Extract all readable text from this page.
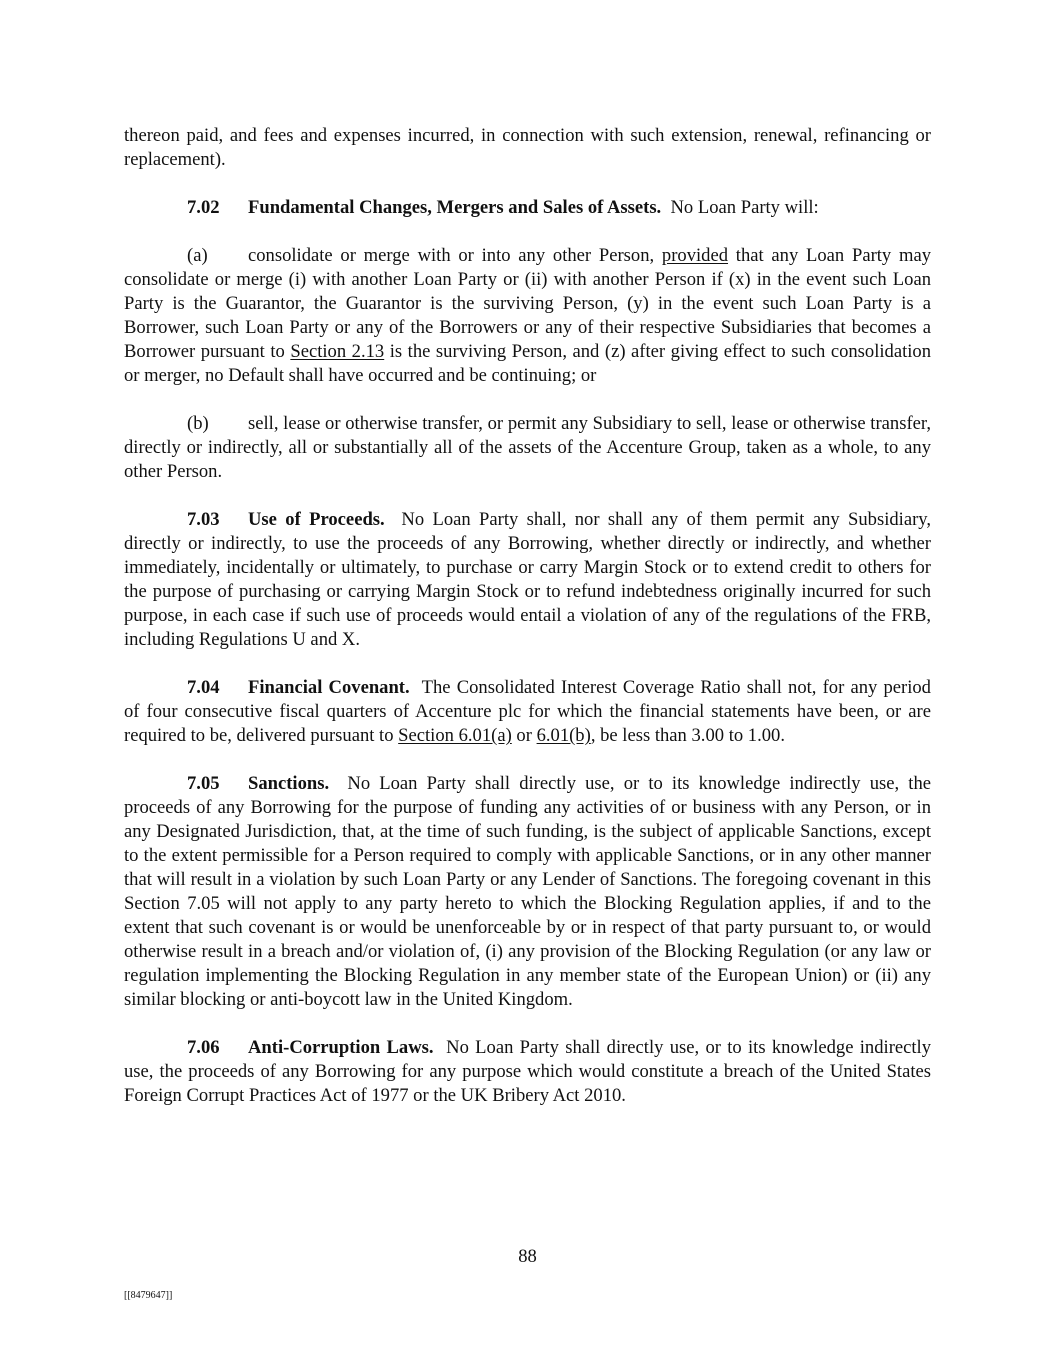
thereon paid, and fees and expenses incurred, in connection with such extension, renewal, refinancing or replacement).

7.02 Fundamental Changes, Mergers and Sales of Assets. No Loan Party will:

(a) consolidate or merge with or into any other Person, provided that any Loan Party may consolidate or merge (i) with another Loan Party or (ii) with another Person if (x) in the event such Loan Party is the Guarantor, the Guarantor is the surviving Person, (y) in the event such Loan Party is a Borrower, such Loan Party or any of the Borrowers or any of their respective Subsidiaries that becomes a Borrower pursuant to Section 2.13 is the surviving Person, and (z) after giving effect to such consolidation or merger, no Default shall have occurred and be continuing; or

(b) sell, lease or otherwise transfer, or permit any Subsidiary to sell, lease or otherwise transfer, directly or indirectly, all or substantially all of the assets of the Accenture Group, taken as a whole, to any other Person.

7.03 Use of Proceeds. No Loan Party shall, nor shall any of them permit any Subsidiary, directly or indirectly, to use the proceeds of any Borrowing, whether directly or indirectly, and whether immediately, incidentally or ultimately, to purchase or carry Margin Stock or to extend credit to others for the purpose of purchasing or carrying Margin Stock or to refund indebtedness originally incurred for such purpose, in each case if such use of proceeds would entail a violation of any of the regulations of the FRB, including Regulations U and X.

7.04 Financial Covenant. The Consolidated Interest Coverage Ratio shall not, for any period of four consecutive fiscal quarters of Accenture plc for which the financial statements have been, or are required to be, delivered pursuant to Section 6.01(a) or 6.01(b), be less than 3.00 to 1.00.

7.05 Sanctions. No Loan Party shall directly use, or to its knowledge indirectly use, the proceeds of any Borrowing for the purpose of funding any activities of or business with any Person, or in any Designated Jurisdiction, that, at the time of such funding, is the subject of applicable Sanctions, except to the extent permissible for a Person required to comply with applicable Sanctions, or in any other manner that will result in a violation by such Loan Party or any Lender of Sanctions. The foregoing covenant in this Section 7.05 will not apply to any party hereto to which the Blocking Regulation applies, if and to the extent that such covenant is or would be unenforceable by or in respect of that party pursuant to, or would otherwise result in a breach and/or violation of, (i) any provision of the Blocking Regulation (or any law or regulation implementing the Blocking Regulation in any member state of the European Union) or (ii) any similar blocking or anti-boycott law in the United Kingdom.

7.06 Anti-Corruption Laws. No Loan Party shall directly use, or to its knowledge indirectly use, the proceeds of any Borrowing for any purpose which would constitute a breach of the United States Foreign Corrupt Practices Act of 1977 or the UK Bribery Act 2010.

88
[[8479647]]
